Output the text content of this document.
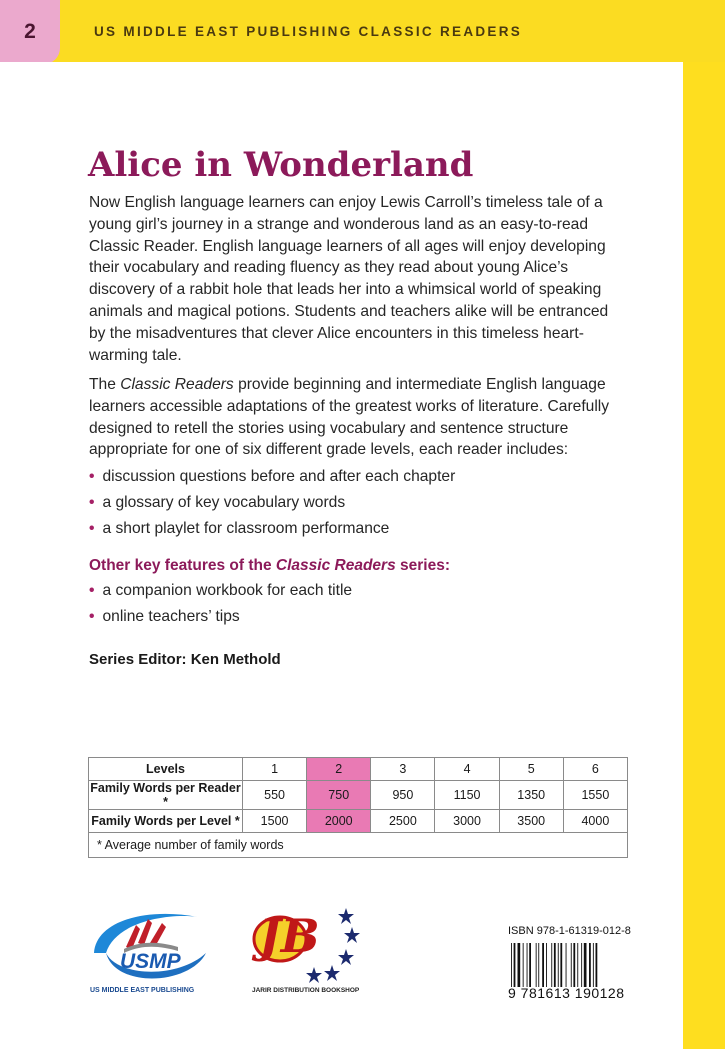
2	US MIDDLE EAST PUBLISHING CLASSIC READERS
Alice in Wonderland

Now English language learners can enjoy Lewis Carroll’s timeless tale of a young girl’s journey in a strange and wonderous land as an easy-to-read Classic Reader. English language learners of all ages will enjoy developing their vocabulary and reading fluency as they read about young Alice’s discovery of a rabbit hole that leads her into a whimsical world of speaking animals and magical potions. Students and teachers alike will be entranced by the misadventures that clever Alice encounters in this timeless heart- warming tale.

The Classic Readers provide beginning and intermediate English language learners accessible adaptations of the greatest works of literature. Carefully designed to retell the stories using vocabulary and sentence structure appropriate for one of six different grade levels, each reader includes:

• discussion questions before and after each chapter
• a glossary of key vocabulary words
• a short playlet for classroom performance
Other key features of the Classic Readers series:
• a companion workbook for each title
• online teachers’ tips
Series Editor: Ken Methold
Levels	1	2	3	4	5	6
Family Words per Reader *	550	750	950	1150	1350	1550
Family Words per Level *	1500	2000	2500	3000	3500	4000
* Average number of family words						
USMP
US MIDDLE EAST PUBLISHING
JB
JARIR DISTRIBUTION BOOKSHOP
ISBN 978-1-61319-012-8
9 781613 190128
